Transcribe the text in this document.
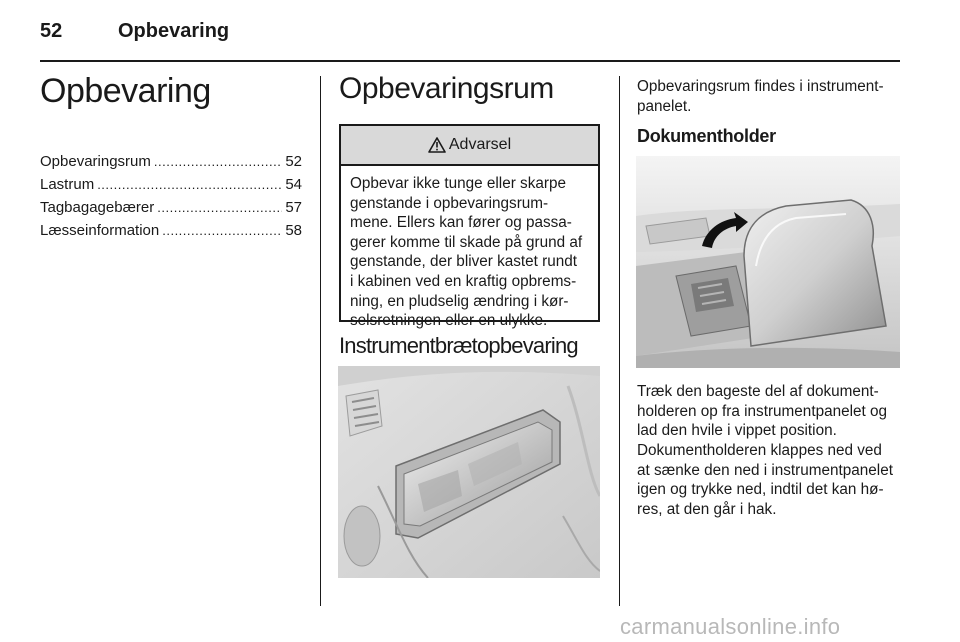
52	Opbevaring
Opbevaring
Opbevaringsrum .....	52
Lastrum .....	54
Tagbagagebærer .....	57
Læsseinformation .....	58
Opbevaringsrum
Advarsel
Opbevar ikke tunge eller skarpe
genstande i opbevaringsrum-
mene. Ellers kan fører og passa-
gerer komme til skade på grund af
genstande, der bliver kastet rundt
i kabinen ved en kraftig opbrems-
ning, en pludselig ændring i kør-
selsretningen eller en ulykke.
Instrumentbrætopbevaring
Opbevaringsrum findes i instrument-
panelet.
Dokumentholder
Træk den bageste del af dokument-
holderen op fra instrumentpanelet og
lad den hvile i vippet position.
Dokumentholderen klappes ned ved
at sænke den ned i instrumentpanelet
igen og trykke ned, indtil det kan hø-
res, at den går i hak.
carmanualsonline.info
